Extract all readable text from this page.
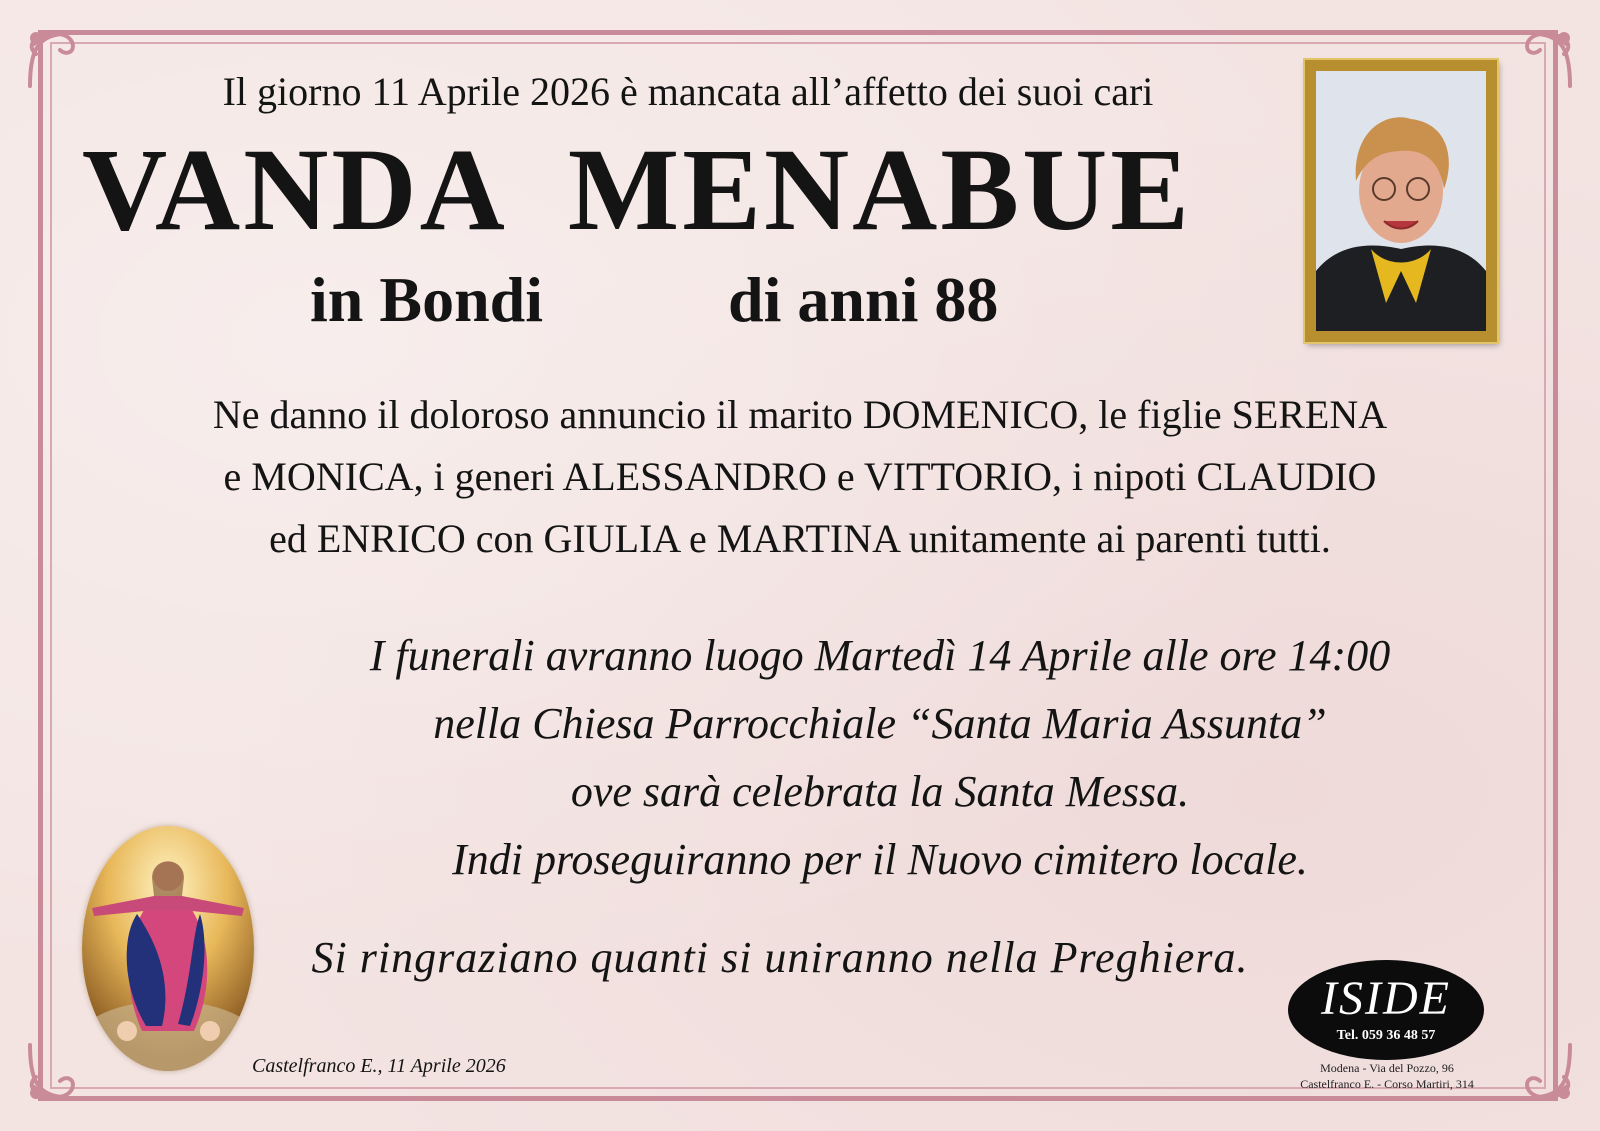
Il giorno 11 Aprile 2026 è mancata all’affetto dei suoi cari
VANDA MENABUE
in Bondi	di anni 88
Ne danno il doloroso annuncio il marito DOMENICO, le figlie SERENA
e MONICA, i generi ALESSANDRO e VITTORIO, i nipoti CLAUDIO
ed ENRICO con GIULIA e MARTINA unitamente ai parenti tutti.
I funerali avranno luogo Martedì 14 Aprile alle ore 14:00
nella Chiesa Parrocchiale “Santa Maria Assunta”
ove sarà celebrata la Santa Messa.
Indi proseguiranno per il Nuovo cimitero locale.
Si ringraziano quanti si uniranno nella Preghiera.
Castelfranco E., 11 Aprile 2026
ISIDE
Tel. 059 36 48 57
Modena - Via del Pozzo, 96
Castelfranco E. - Corso Martiri, 314
